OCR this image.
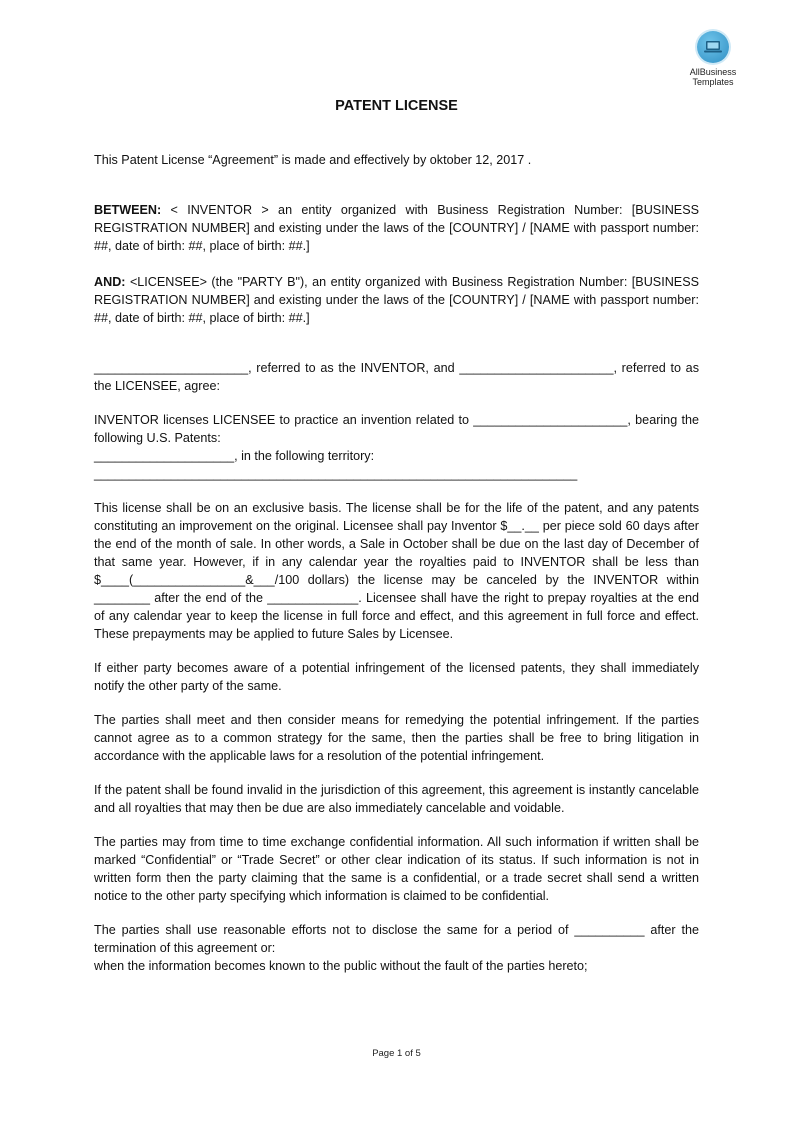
AllBusiness
Templates
PATENT LICENSE

This Patent License “Agreement” is made and effectively by oktober 12, 2017 .

BETWEEN: < INVENTOR > an entity organized with Business Registration Number: [BUSINESS REGISTRATION NUMBER] and existing under the laws of the [COUNTRY] / [NAME with passport number: ##, date of birth: ##, place of birth: ##.]

AND: <LICENSEE> (the "PARTY B"), an entity organized with Business Registration Number: [BUSINESS REGISTRATION NUMBER] and existing under the laws of the [COUNTRY] / [NAME with passport number: ##, date of birth: ##, place of birth: ##.]

______________________, referred to as the INVENTOR, and ______________________, referred to as the LICENSEE, agree:

INVENTOR licenses LICENSEE to practice an invention related to ______________________, bearing the following U.S. Patents:

____________________, in the following territory:

_____________________________________________________________________

This license shall be on an exclusive basis. The license shall be for the life of the patent, and any patents constituting an improvement on the original. Licensee shall pay Inventor $__.__ per piece sold 60 days after the end of the month of sale. In other words, a Sale in October shall be due on the last day of December of that same year. However, if in any calendar year the royalties paid to INVENTOR shall be less than $____(________________&___/100 dollars) the license may be canceled by the INVENTOR within ________ after the end of the _____________. Licensee shall have the right to prepay royalties at the end of any calendar year to keep the license in full force and effect, and this agreement in full force and effect. These prepayments may be applied to future Sales by Licensee.

If either party becomes aware of a potential infringement of the licensed patents, they shall immediately notify the other party of the same.

The parties shall meet and then consider means for remedying the potential infringement. If the parties cannot agree as to a common strategy for the same, then the parties shall be free to bring litigation in accordance with the applicable laws for a resolution of the potential infringement.

If the patent shall be found invalid in the jurisdiction of this agreement, this agreement is instantly cancelable and all royalties that may then be due are also immediately cancelable and voidable.

The parties may from time to time exchange confidential information. All such information if written shall be marked “Confidential” or “Trade Secret” or other clear indication of its status. If such information is not in written form then the party claiming that the same is a confidential, or a trade secret shall send a written notice to the other party specifying which information is claimed to be confidential.

The parties shall use reasonable efforts not to disclose the same for a period of __________ after the termination of this agreement or:

when the information becomes known to the public without the fault of the parties hereto;

Page 1 of 5
